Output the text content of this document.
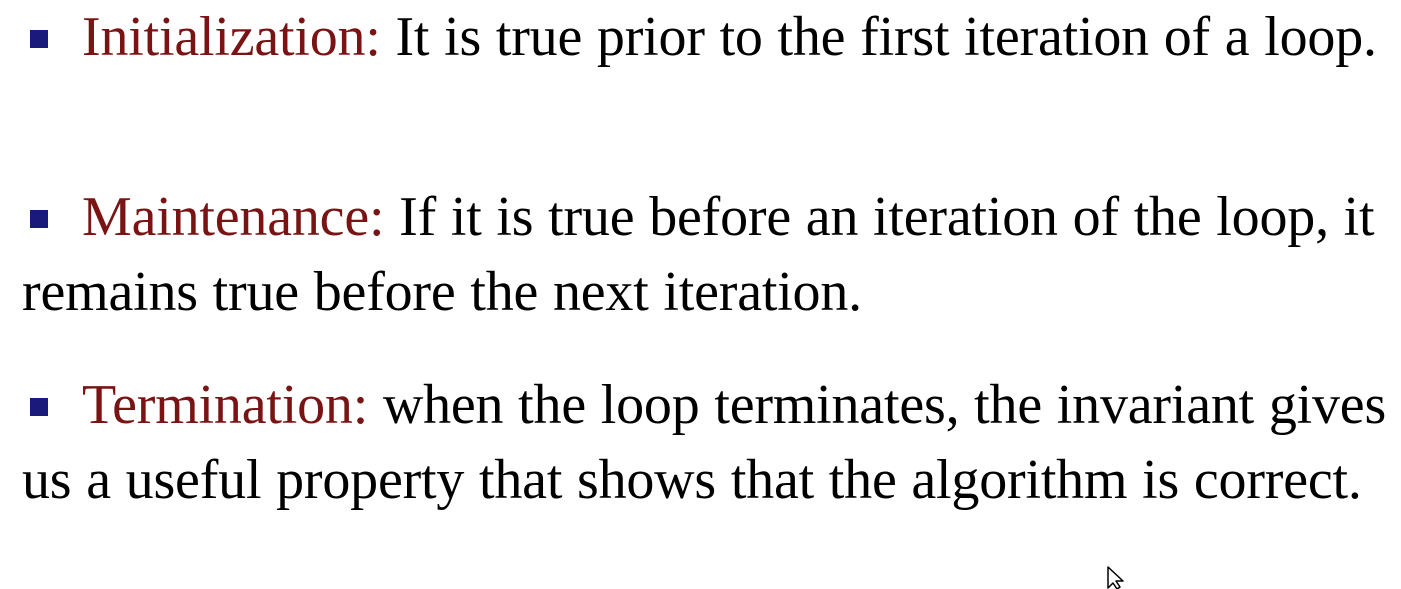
Initialization: It is true prior to the first iteration of a loop.
Maintenance: If it is true before an iteration of the loop, it remains true before the next iteration.
Termination: when the loop terminates, the invariant gives us a useful property that shows that the algorithm is correct.
